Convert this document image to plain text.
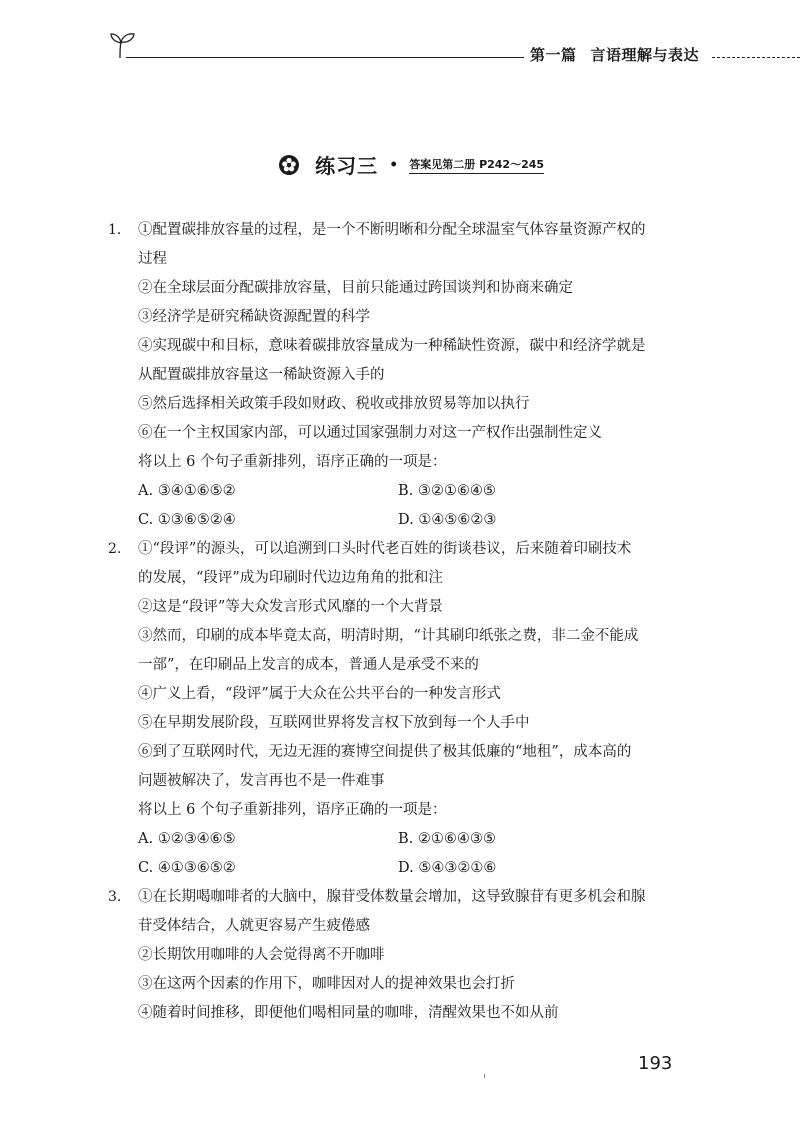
第一篇 言语理解与表达
练习三 • 答案见第二册 P242～245
1. ①配置碳排放容量的过程，是一个不断明晰和分配全球温室气体容量资源产权的
过程
②在全球层面分配碳排放容量，目前只能通过跨国谈判和协商来确定
③经济学是研究稀缺资源配置的科学
④实现碳中和目标，意味着碳排放容量成为一种稀缺性资源，碳中和经济学就是
从配置碳排放容量这一稀缺资源入手的
⑤然后选择相关政策手段如财政、税收或排放贸易等加以执行
⑥在一个主权国家内部，可以通过国家强制力对这一产权作出强制性定义
将以上 6 个句子重新排列，语序正确的一项是：
A. ③④①⑥⑤②	B. ③②①⑥④⑤
C. ①③⑥⑤②④	D. ①④⑤⑥②③
2. ①“段评”的源头，可以追溯到口头时代老百姓的街谈巷议，后来随着印刷技术
的发展，“段评”成为印刷时代边边角角的批和注
②这是“段评”等大众发言形式风靡的一个大背景
③然而，印刷的成本毕竟太高，明清时期，“计其刷印纸张之费，非二金不能成
一部”，在印刷品上发言的成本，普通人是承受不来的
④广义上看，“段评”属于大众在公共平台的一种发言形式
⑤在早期发展阶段，互联网世界将发言权下放到每一个人手中
⑥到了互联网时代，无边无涯的赛博空间提供了极其低廉的“地租”，成本高的
问题被解决了，发言再也不是一件难事
将以上 6 个句子重新排列，语序正确的一项是：
A. ①②③④⑥⑤	B. ②①⑥④③⑤
C. ④①③⑥⑤②	D. ⑤④③②①⑥
3. ①在长期喝咖啡者的大脑中，腺苷受体数量会增加，这导致腺苷有更多机会和腺
苷受体结合，人就更容易产生疲倦感
②长期饮用咖啡的人会觉得离不开咖啡
③在这两个因素的作用下，咖啡因对人的提神效果也会打折
④随着时间推移，即便他们喝相同量的咖啡，清醒效果也不如从前
193
